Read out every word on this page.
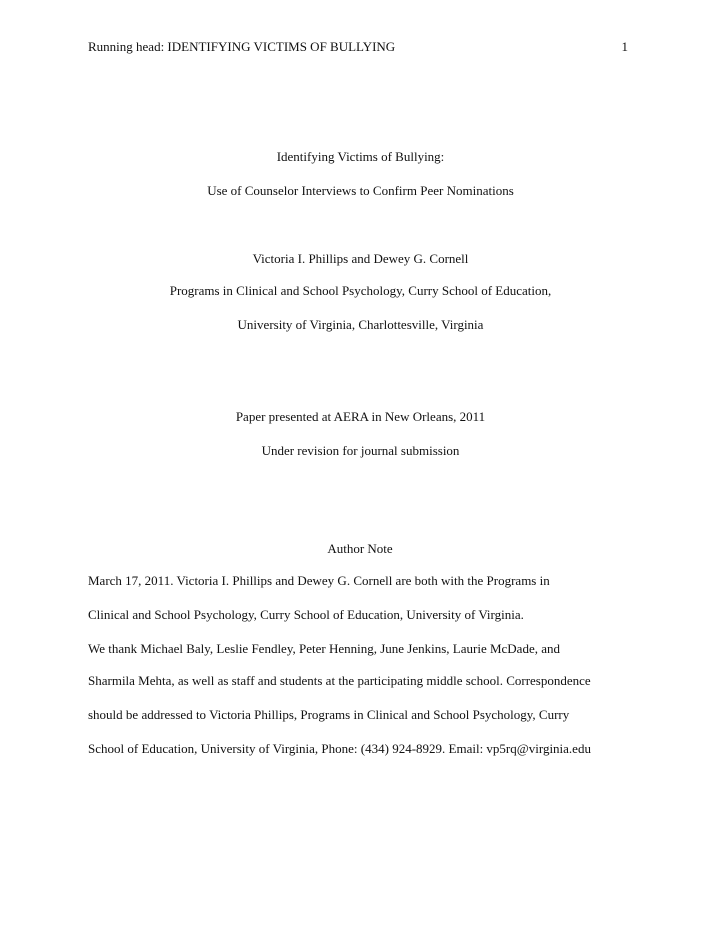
Running head: IDENTIFYING VICTIMS OF BULLYING	1
Identifying Victims of Bullying:
Use of Counselor Interviews to Confirm Peer Nominations
Victoria I. Phillips and Dewey G. Cornell
Programs in Clinical and School Psychology, Curry School of Education,
University of Virginia, Charlottesville, Virginia
Paper presented at AERA in New Orleans, 2011
Under revision for journal submission
Author Note
March 17, 2011. Victoria I. Phillips and Dewey G. Cornell are both with the Programs in
Clinical and School Psychology, Curry School of Education, University of Virginia.
We thank Michael Baly, Leslie Fendley, Peter Henning, June Jenkins, Laurie McDade, and
Sharmila Mehta, as well as staff and students at the participating middle school. Correspondence
should be addressed to Victoria Phillips, Programs in Clinical and School Psychology, Curry
School of Education, University of Virginia, Phone: (434) 924-8929. Email: vp5rq@virginia.edu
